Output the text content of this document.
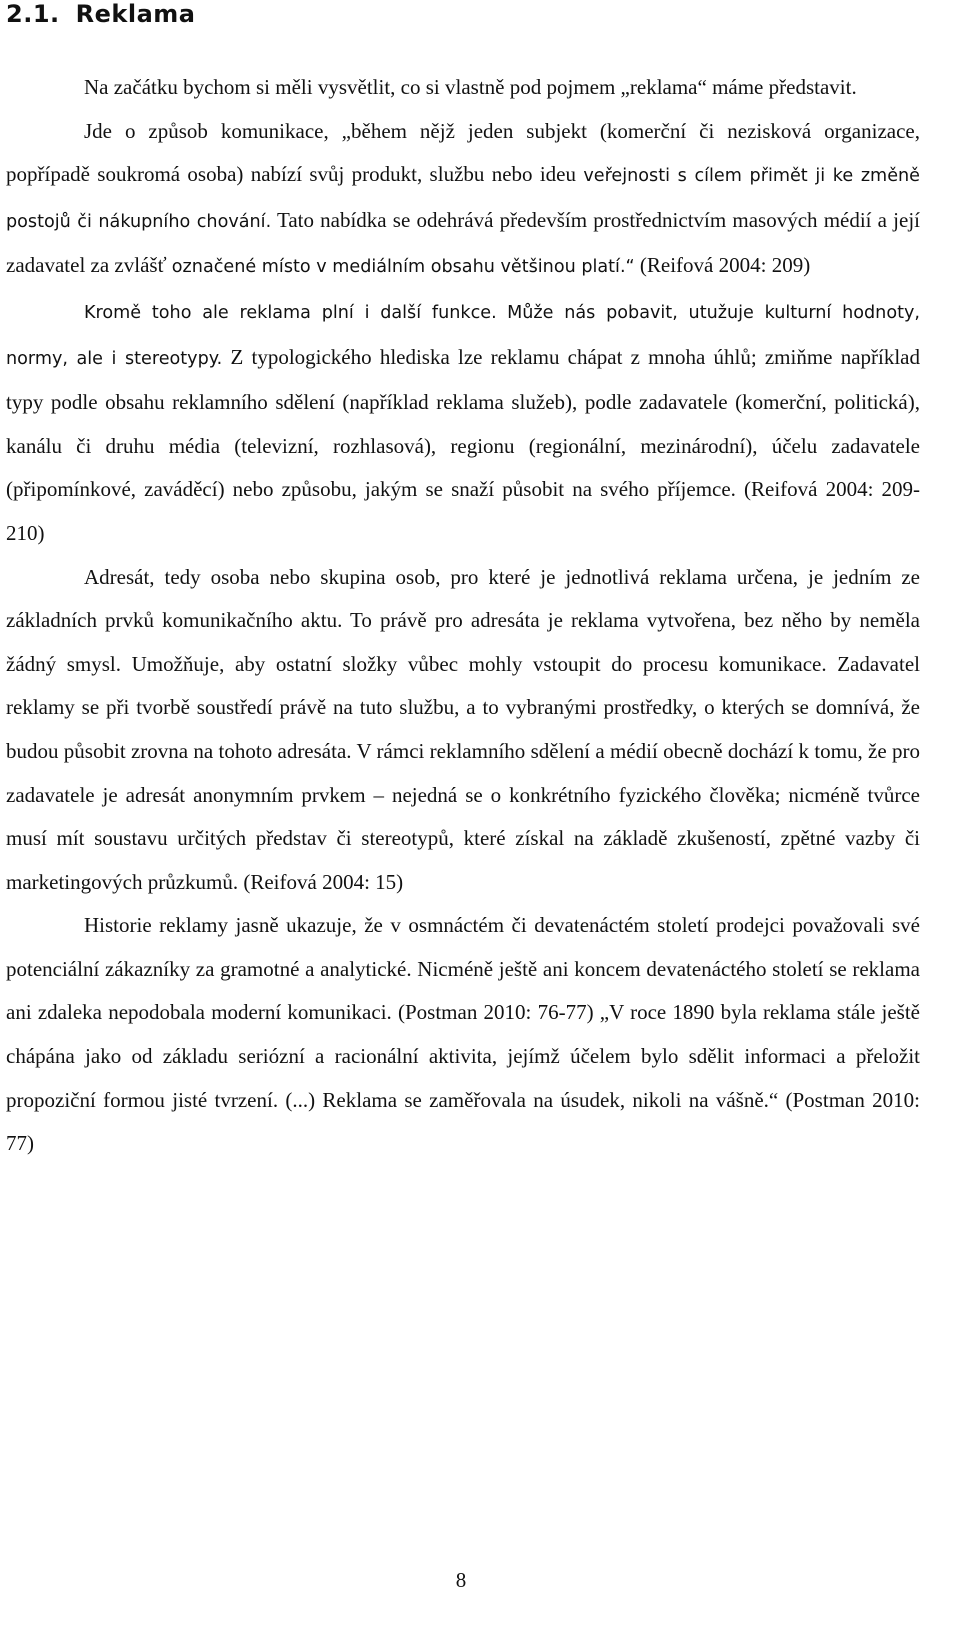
2.1. Reklama

Na začátku bychom si měli vysvětlit, co si vlastně pod pojmem „reklama“ máme představit.

Jde o způsob komunikace, „během nějž jeden subjekt (komerční či nezisková organizace, popřípadě soukromá osoba) nabízí svůj produkt, službu nebo ideu veřejnosti s cílem přimět ji ke změně postojů či nákupního chování. Tato nabídka se odehrává především prostřednictvím masových médií a její zadavatel za zvlášť označené místo v mediálním obsahu většinou platí.“ (Reifová 2004: 209)

Kromě toho ale reklama plní i další funkce. Může nás pobavit, utužuje kulturní hodnoty, normy, ale i stereotypy. Z typologického hlediska lze reklamu chápat z mnoha úhlů; zmiňme například typy podle obsahu reklamního sdělení (například reklama služeb), podle zadavatele (komerční, politická), kanálu či druhu média (televizní, rozhlasová), regionu (regionální, mezinárodní), účelu zadavatele (připomínkové, zaváděcí) nebo způsobu, jakým se snaží působit na svého příjemce. (Reifová 2004: 209-210)

Adresát, tedy osoba nebo skupina osob, pro které je jednotlivá reklama určena, je jedním ze základních prvků komunikačního aktu. To právě pro adresáta je reklama vytvořena, bez něho by neměla žádný smysl. Umožňuje, aby ostatní složky vůbec mohly vstoupit do procesu komunikace. Zadavatel reklamy se při tvorbě soustředí právě na tuto službu, a to vybranými prostředky, o kterých se domnívá, že budou působit zrovna na tohoto adresáta. V rámci reklamního sdělení a médií obecně dochází k tomu, že pro zadavatele je adresát anonymním prvkem – nejedná se o konkrétního fyzického člověka; nicméně tvůrce musí mít soustavu určitých představ či stereotypů, které získal na základě zkušeností, zpětné vazby či marketingových průzkumů. (Reifová 2004: 15)

Historie reklamy jasně ukazuje, že v osmnáctém či devatenáctém století prodejci považovali své potenciální zákazníky za gramotné a analytické. Nicméně ještě ani koncem devatenáctého století se reklama ani zdaleka nepodobala moderní komunikaci. (Postman 2010: 76-77) „V roce 1890 byla reklama stále ještě chápána jako od základu seriózní a racionální aktivita, jejímž účelem bylo sdělit informaci a přeložit propoziční formou jisté tvrzení. (...) Reklama se zaměřovala na úsudek, nikoli na vášně.“ (Postman 2010: 77)

8
